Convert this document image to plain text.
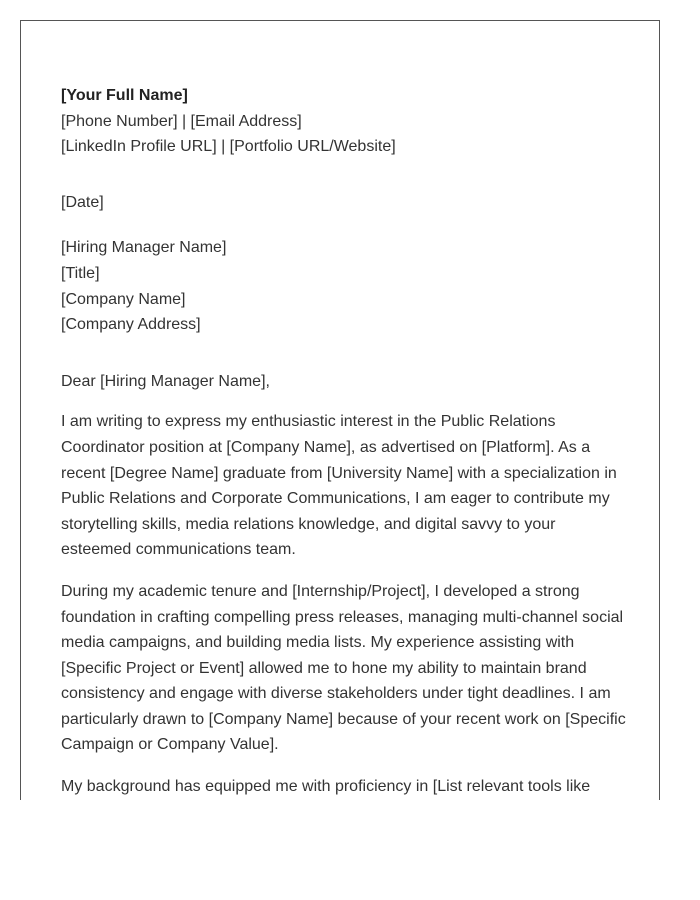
[Your Full Name]
[Phone Number] | [Email Address]
[LinkedIn Profile URL] | [Portfolio URL/Website]
[Date]
[Hiring Manager Name]
[Title]
[Company Name]
[Company Address]
Dear [Hiring Manager Name],

I am writing to express my enthusiastic interest in the Public Relations Coordinator position at [Company Name], as advertised on [Platform]. As a recent [Degree Name] graduate from [University Name] with a specialization in Public Relations and Corporate Communications, I am eager to contribute my storytelling skills, media relations knowledge, and digital savvy to your esteemed communications team.

During my academic tenure and [Internship/Project], I developed a strong foundation in crafting compelling press releases, managing multi-channel social media campaigns, and building media lists. My experience assisting with [Specific Project or Event] allowed me to hone my ability to maintain brand consistency and engage with diverse stakeholders under tight deadlines. I am particularly drawn to [Company Name] because of your recent work on [Specific Campaign or Company Value].

My background has equipped me with proficiency in [List relevant tools like
